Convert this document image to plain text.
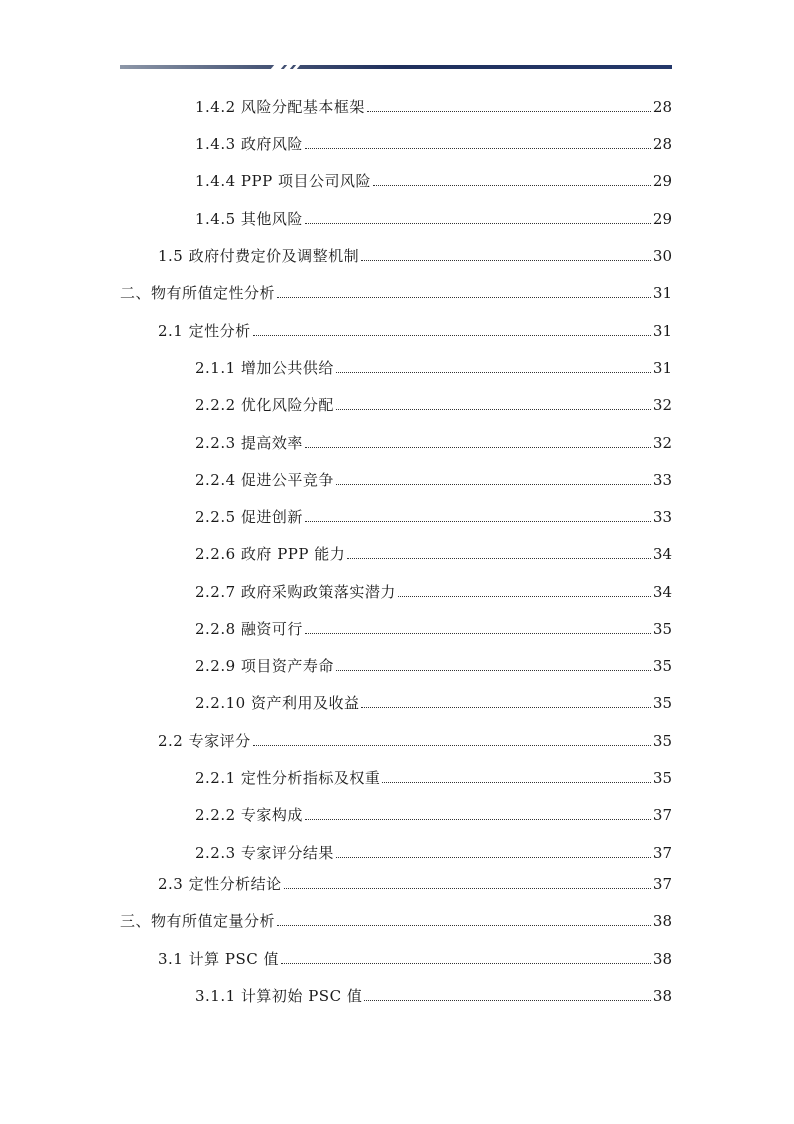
1.4.2 风险分配基本框架	28
1.4.3 政府风险	28
1.4.4 PPP 项目公司风险	29
1.4.5 其他风险	29
1.5 政府付费定价及调整机制	30
二、物有所值定性分析	31
2.1 定性分析	31
2.1.1 增加公共供给	31
2.2.2 优化风险分配	32
2.2.3 提高效率	32
2.2.4 促进公平竞争	33
2.2.5 促进创新	33
2.2.6 政府 PPP 能力	34
2.2.7 政府采购政策落实潜力	34
2.2.8 融资可行	35
2.2.9 项目资产寿命	35
2.2.10 资产利用及收益	35
2.2 专家评分	35
2.2.1 定性分析指标及权重	35
2.2.2 专家构成	37
2.2.3 专家评分结果	37
2.3 定性分析结论	37
三、物有所值定量分析	38
3.1 计算 PSC 值	38
3.1.1 计算初始 PSC 值	38
